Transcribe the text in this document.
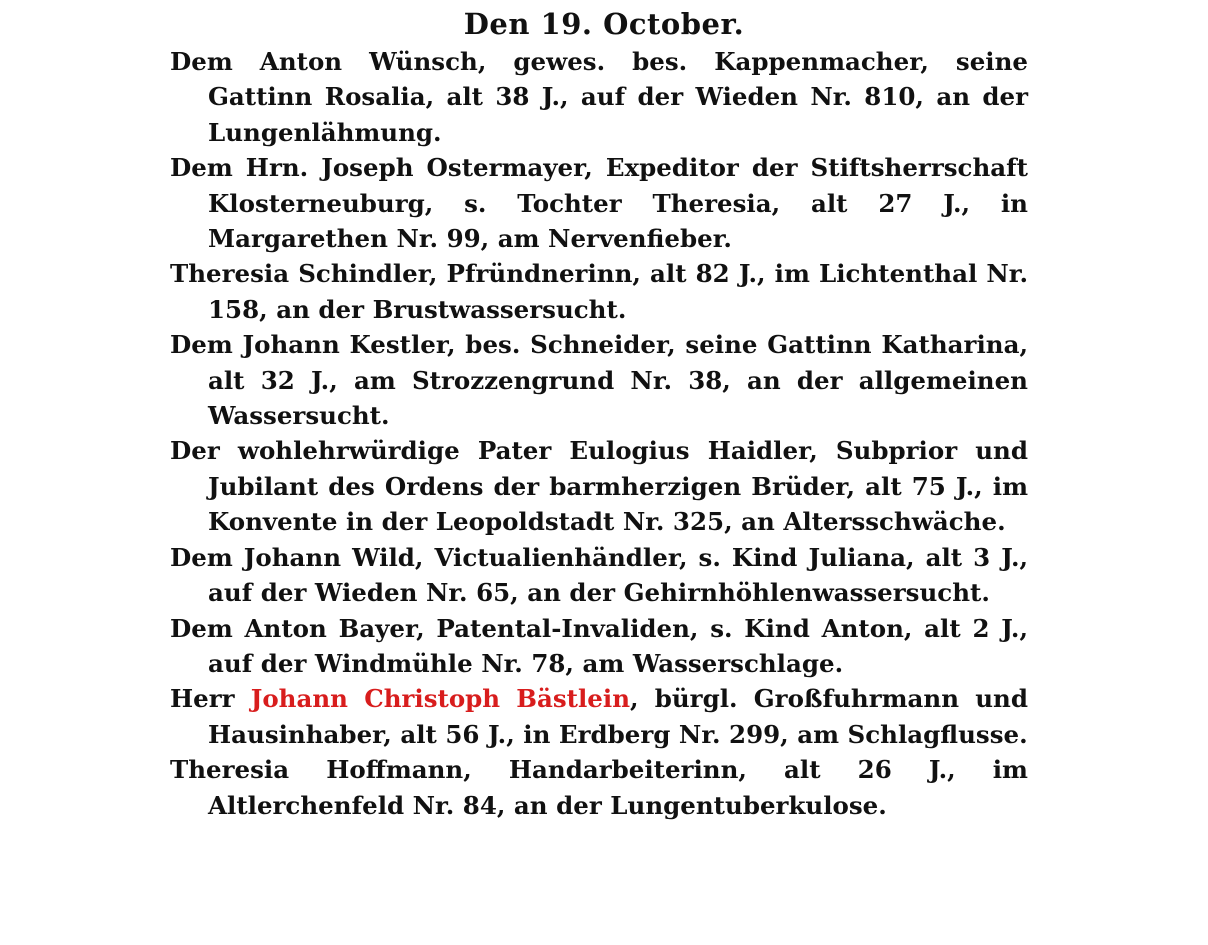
Den 19. October.
Dem Anton Wünsch, gewes. bes. Kappenmacher, seine Gattinn Rosalia, alt 38 J., auf der Wieden Nr. 810, an der Lungenlähmung.
Dem Hrn. Joseph Ostermayer, Expeditor der Stiftsherrschaft Klosterneuburg, s. Tochter Theresia, alt 27 J., in Margarethen Nr. 99, am Nervenfieber.
Theresia Schindler, Pfründnerinn, alt 82 J., im Lichtenthal Nr. 158, an der Brustwassersucht.
Dem Johann Kestler, bes. Schneider, seine Gattinn Katharina, alt 32 J., am Strozzengrund Nr. 38, an der allgemeinen Wassersucht.
Der wohlehrwürdige Pater Eulogius Haidler, Subprior und Jubilant des Ordens der barmherzigen Brüder, alt 75 J., im Konvente in der Leopoldstadt Nr. 325, an Altersschwäche.
Dem Johann Wild, Victualienhändler, s. Kind Juliana, alt 3 J., auf der Wieden Nr. 65, an der Gehirnhöhlenwassersucht.
Dem Anton Bayer, Patental-Invaliden, s. Kind Anton, alt 2 J., auf der Windmühle Nr. 78, am Wasserschlage.
Herr Johann Christoph Bästlein, bürgl. Großfuhrmann und Hausinhaber, alt 56 J., in Erdberg Nr. 299, am Schlagflusse.
Theresia Hoffmann, Handarbeiterinn, alt 26 J., im Altlerchenfeld Nr. 84, an der Lungentuberkulose.
